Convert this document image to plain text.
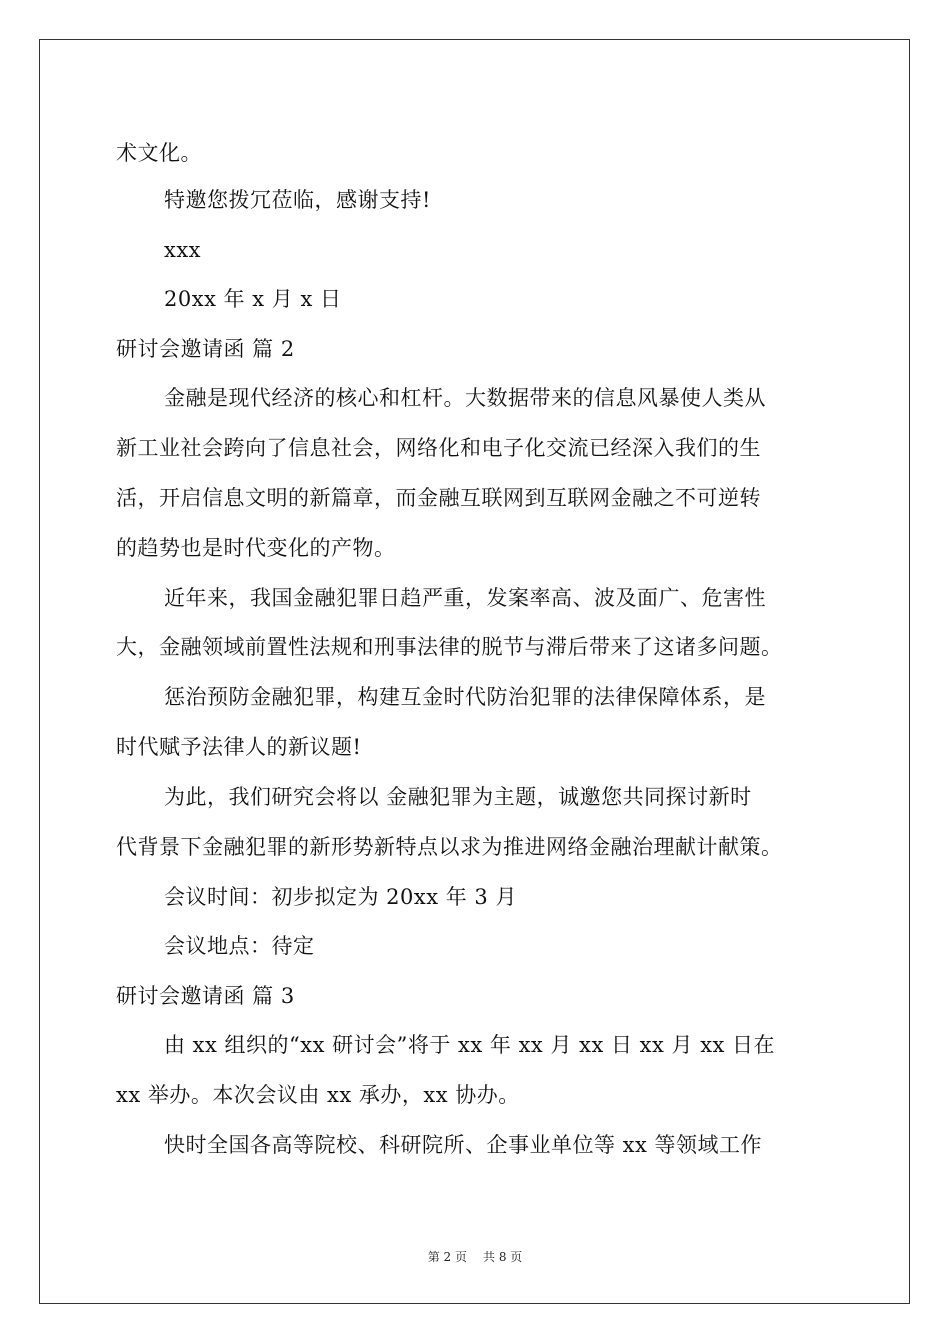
术文化。
特邀您拨冗莅临，感谢支持!
xxx
20xx 年 x 月 x 日
研讨会邀请函 篇 2
金融是现代经济的核心和杠杆。大数据带来的信息风暴使人类从
新工业社会跨向了信息社会，网络化和电子化交流已经深入我们的生
活，开启信息文明的新篇章，而金融互联网到互联网金融之不可逆转
的趋势也是时代变化的产物。
近年来，我国金融犯罪日趋严重，发案率高、波及面广、危害性
大，金融领域前置性法规和刑事法律的脱节与滞后带来了这诸多问题。
惩治预防金融犯罪，构建互金时代防治犯罪的法律保障体系，是
时代赋予法律人的新议题!
为此，我们研究会将以 金融犯罪为主题，诚邀您共同探讨新时
代背景下金融犯罪的新形势新特点以求为推进网络金融治理献计献策。
会议时间：初步拟定为 20xx 年 3 月
会议地点：待定
研讨会邀请函 篇 3
由 xx 组织的“xx 研讨会”将于 xx 年 xx 月 xx 日 xx 月 xx 日在
xx 举办。本次会议由 xx 承办，xx 协办。
快时全国各高等院校、科研院所、企事业单位等 xx 等领域工作
第 2 页 共 8 页
